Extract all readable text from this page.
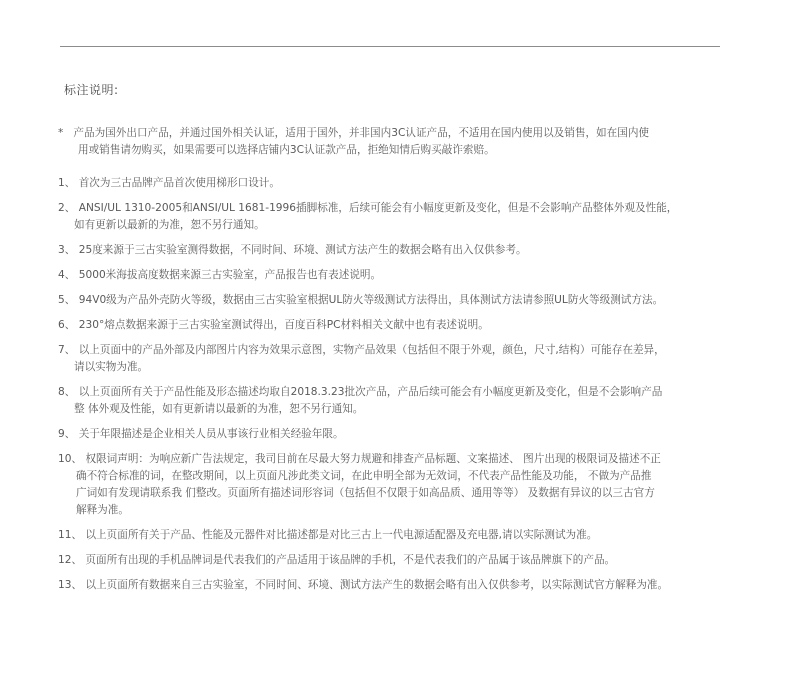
标注说明:
* 产品为国外出口产品，并通过国外相关认证，适用于国外，并非国内3C认证产品，不适用在国内使用以及销售，如在国内使
用或销售请勿购买，如果需要可以选择店铺内3C认证款产品，拒绝知情后购买敲诈索赔。
1、 首次为三古品牌产品首次使用梯形口设计。
2、 ANSI/UL 1310-2005和ANSI/UL 1681-1996插脚标准，后续可能会有小幅度更新及变化，但是不会影响产品整体外观及性能，
如有更新以最新的为准，恕不另行通知。
3、 25度来源于三古实验室测得数据，不同时间、环境、测试方法产生的数据会略有出入仅供参考。
4、 5000米海拔高度数据来源三古实验室，产品报告也有表述说明。
5、 94V0级为产品外壳防火等级，数据由三古实验室根据UL防火等级测试方法得出，具体测试方法请参照UL防火等级测试方法。
6、 230°熔点数据来源于三古实验室测试得出，百度百科PC材料相关文献中也有表述说明。
7、 以上页面中的产品外部及内部图片内容为效果示意图，实物产品效果（包括但不限于外观，颜色，尺寸,结构）可能存在差异，
请以实物为准。
8、 以上页面所有关于产品性能及形态描述均取自2018.3.23批次产品，产品后续可能会有小幅度更新及变化，但是不会影响产品
整 体外观及性能，如有更新请以最新的为准，恕不另行通知。
9、 关于年限描述是企业相关人员从事该行业相关经验年限。
10、 权限词声明：为响应新广告法规定，我司目前在尽最大努力规避和排查产品标题、文案描述、 图片出现的极限词及描述不正
确不符合标准的词，在整改期间，以上页面凡涉此类文词，在此申明全部为无效词，不代表产品性能及功能， 不做为产品推
广词如有发现请联系我 们整改。页面所有描述词形容词（包括但不仅限于如高品质、通用等等） 及数据有异议的以三古官方
解释为准。
11、 以上页面所有关于产品、性能及元器件对比描述都是对比三古上一代电源适配器及充电器,请以实际测试为准。
12、 页面所有出现的手机品牌词是代表我们的产品适用于该品牌的手机，不是代表我们的产品属于该品牌旗下的产品。
13、 以上页面所有数据来自三古实验室，不同时间、环境、测试方法产生的数据会略有出入仅供参考，以实际测试官方解释为准。
